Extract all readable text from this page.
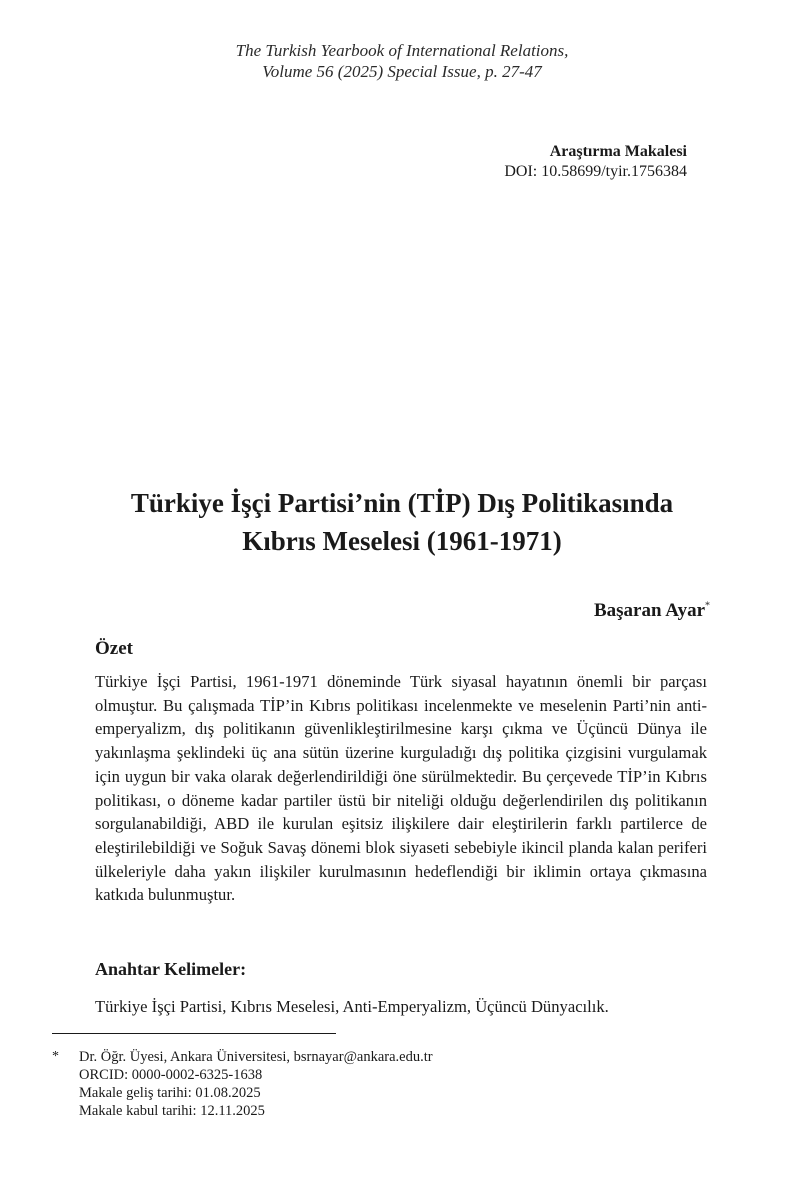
The Turkish Yearbook of International Relations,
Volume 56 (2025) Special Issue, p. 27-47
Araştırma Makalesi
DOI: 10.58699/tyir.1756384
Türkiye İşçi Partisi’nin (TİP) Dış Politikasında
Kıbrıs Meselesi (1961-1971)
Başaran Ayar*
Özet

Türkiye İşçi Partisi, 1961-1971 döneminde Türk siyasal hayatının önemli bir parçası olmuştur. Bu çalışmada TİP’in Kıbrıs politikası incelenmekte ve meselenin Parti’nin anti-emperyalizm, dış politikanın güvenlikleştirilmesine karşı çıkma ve Üçüncü Dünya ile yakınlaşma şeklindeki üç ana sütün üzerine kurguladığı dış politika çizgisini vurgulamak için uygun bir vaka olarak değerlendirildiği öne sürülmektedir. Bu çerçevede TİP’in Kıbrıs politikası, o döneme kadar partiler üstü bir niteliği olduğu değerlendirilen dış politikanın sorgulanabildiği, ABD ile kurulan eşitsiz ilişkilere dair eleştirilerin farklı partilerce de eleştirilebildiği ve Soğuk Savaş dönemi blok siyaseti sebebiyle ikincil planda kalan periferi ülkeleriyle daha yakın ilişkiler kurulmasının hedeflendiği bir iklimin ortaya çıkmasına katkıda bulunmuştur.

Anahtar Kelimeler:
Türkiye İşçi Partisi, Kıbrıs Meselesi, Anti-Emperyalizm, Üçüncü Dünyacılık.
* Dr. Öğr. Üyesi, Ankara Üniversitesi, bsrnayar@ankara.edu.tr
ORCID: 0000-0002-6325-1638
Makale geliş tarihi: 01.08.2025
Makale kabul tarihi: 12.11.2025
